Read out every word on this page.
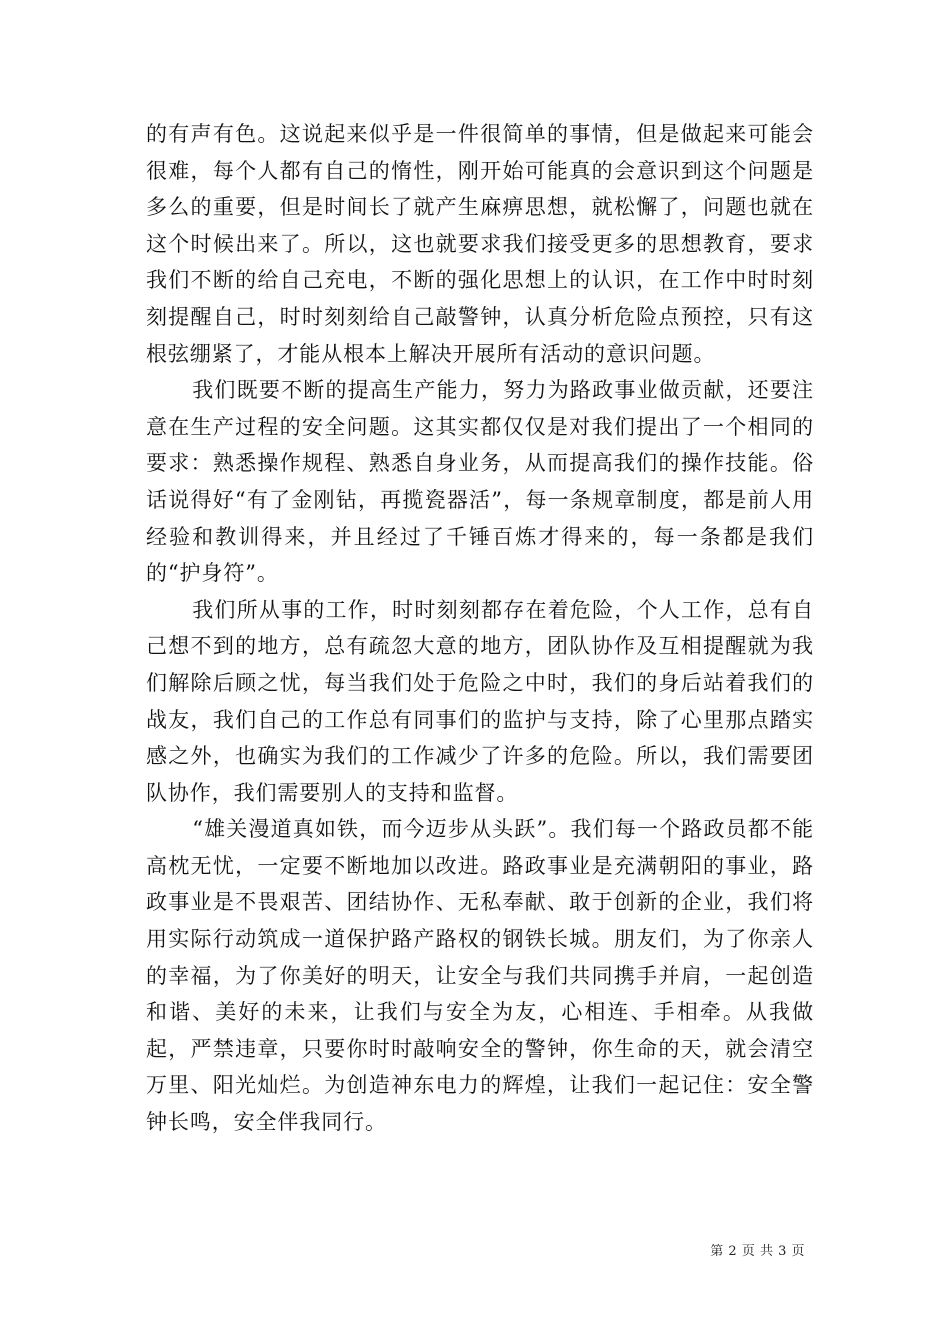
的有声有色。这说起来似乎是一件很简单的事情，但是做起来可能会很难，每个人都有自己的惰性，刚开始可能真的会意识到这个问题是多么的重要，但是时间长了就产生麻痹思想，就松懈了，问题也就在这个时候出来了。所以，这也就要求我们接受更多的思想教育，要求我们不断的给自己充电，不断的强化思想上的认识，在工作中时时刻刻提醒自己，时时刻刻给自己敲警钟，认真分析危险点预控，只有这根弦绷紧了，才能从根本上解决开展所有活动的意识问题。

我们既要不断的提高生产能力，努力为路政事业做贡献，还要注意在生产过程的安全问题。这其实都仅仅是对我们提出了一个相同的要求：熟悉操作规程、熟悉自身业务，从而提高我们的操作技能。俗话说得好“有了金刚钻，再揽瓷器活”，每一条规章制度，都是前人用经验和教训得来，并且经过了千锤百炼才得来的，每一条都是我们的“护身符”。

我们所从事的工作，时时刻刻都存在着危险，个人工作，总有自己想不到的地方，总有疏忽大意的地方，团队协作及互相提醒就为我们解除后顾之忧，每当我们处于危险之中时，我们的身后站着我们的战友，我们自己的工作总有同事们的监护与支持，除了心里那点踏实感之外，也确实为我们的工作减少了许多的危险。所以，我们需要团队协作，我们需要别人的支持和监督。

“雄关漫道真如铁，而今迈步从头跃”。我们每一个路政员都不能高枕无忧，一定要不断地加以改进。路政事业是充满朝阳的事业，路政事业是不畏艰苦、团结协作、无私奉献、敢于创新的企业，我们将用实际行动筑成一道保护路产路权的钢铁长城。朋友们，为了你亲人的幸福，为了你美好的明天，让安全与我们共同携手并肩，一起创造和谐、美好的未来，让我们与安全为友，心相连、手相牵。从我做起，严禁违章，只要你时时敲响安全的警钟，你生命的天，就会清空万里、阳光灿烂。为创造神东电力的辉煌，让我们一起记住：安全警钟长鸣，安全伴我同行。

第 2 页 共 3 页
